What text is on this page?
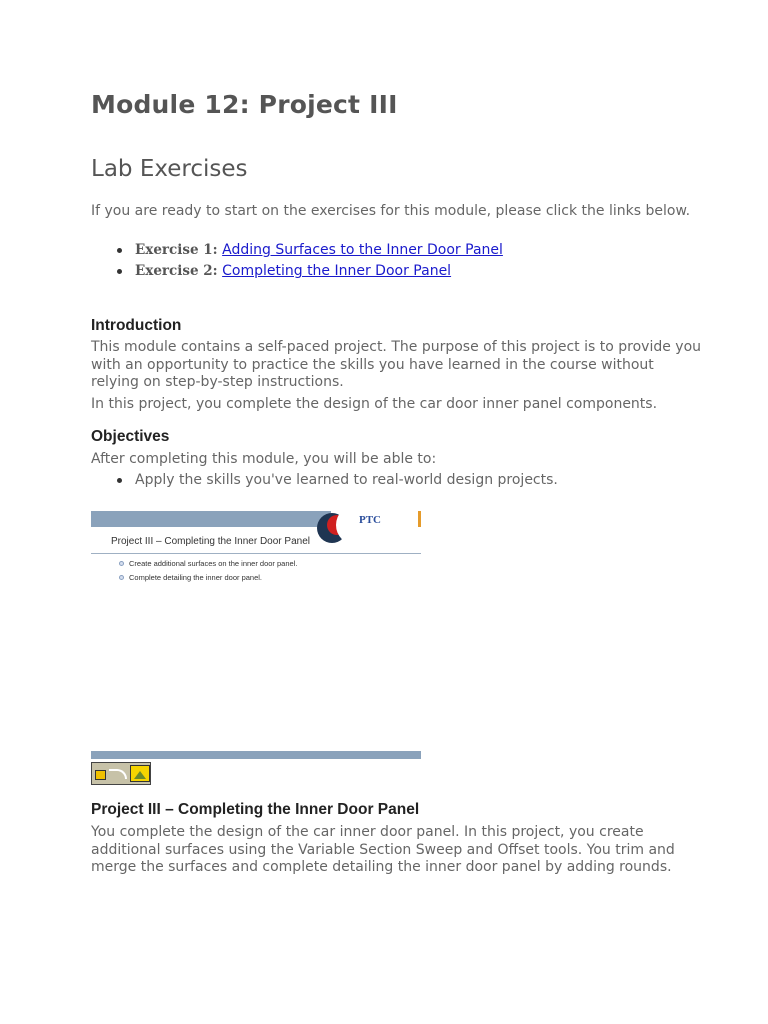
Module 12: Project III
Lab Exercises

If you are ready to start on the exercises for this module, please click the links below.

Exercise 1: Adding Surfaces to the Inner Door Panel
Exercise 2: Completing the Inner Door Panel
Introduction

This module contains a self-paced project. The purpose of this project is to provide you with an opportunity to practice the skills you have learned in the course without relying on step-by-step instructions.

In this project, you complete the design of the car door inner panel components.

Objectives

After completing this module, you will be able to:

Apply the skills you've learned to real-world design projects.
PTC
Project III – Completing the Inner Door Panel
Create additional surfaces on the inner door panel.
Complete detailing the inner door panel.
Project III – Completing the Inner Door Panel

You complete the design of the car inner door panel. In this project, you create additional surfaces using the Variable Section Sweep and Offset tools. You trim and merge the surfaces and complete detailing the inner door panel by adding rounds.
